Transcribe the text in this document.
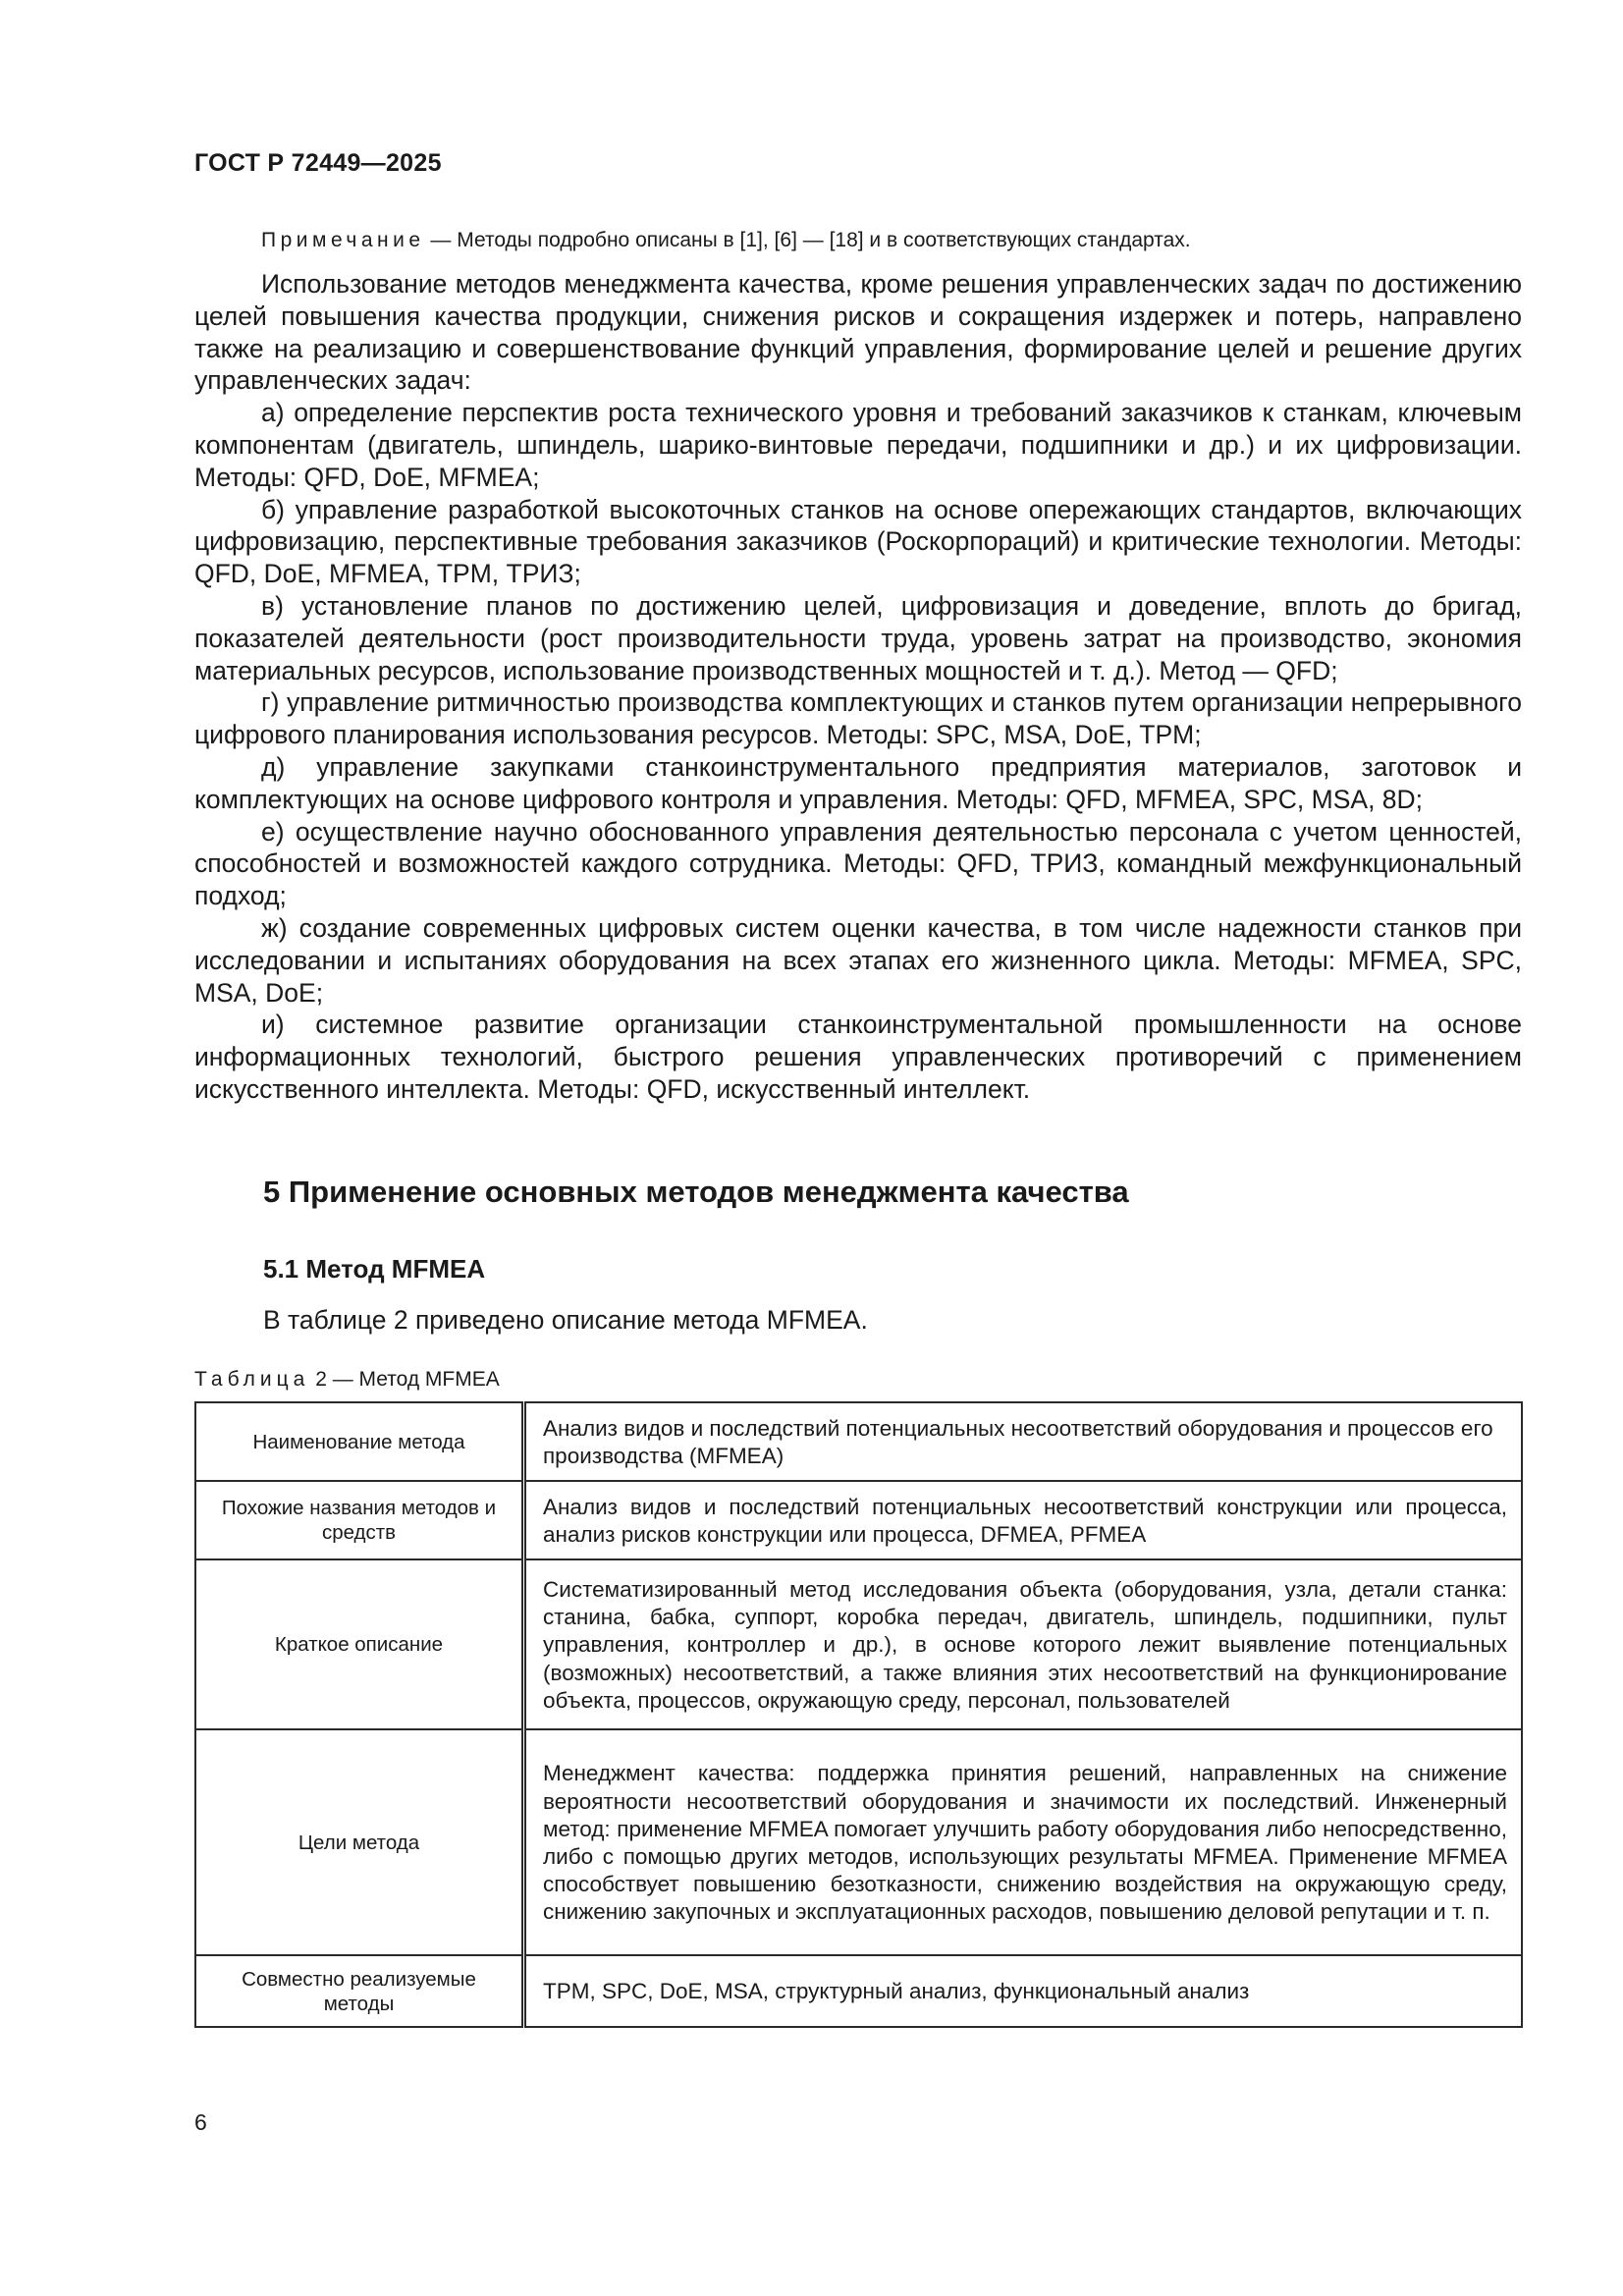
ГОСТ Р 72449—2025
Примечание — Методы подробно описаны в [1], [6] — [18] и в соответствующих стандартах.

Использование методов менеджмента качества, кроме решения управленческих задач по достижению целей повышения качества продукции, снижения рисков и сокращения издержек и потерь, направлено также на реализацию и совершенствование функций управления, формирование целей и решение других управленческих задач:

а) определение перспектив роста технического уровня и требований заказчиков к станкам, ключевым компонентам (двигатель, шпиндель, шарико-винтовые передачи, подшипники и др.) и их цифровизации. Методы: QFD, DoE, MFMEA;

б) управление разработкой высокоточных станков на основе опережающих стандартов, включающих цифровизацию, перспективные требования заказчиков (Роскорпораций) и критические технологии. Методы: QFD, DoE, MFMEA, TPM, ТРИЗ;

в) установление планов по достижению целей, цифровизация и доведение, вплоть до бригад, показателей деятельности (рост производительности труда, уровень затрат на производство, экономия материальных ресурсов, использование производственных мощностей и т. д.). Метод — QFD;

г) управление ритмичностью производства комплектующих и станков путем организации непрерывного цифрового планирования использования ресурсов. Методы: SPC, MSA, DoE, TPM;

д) управление закупками станкоинструментального предприятия материалов, заготовок и комплектующих на основе цифрового контроля и управления. Методы: QFD, MFMEA, SPC, MSA, 8D;

е) осуществление научно обоснованного управления деятельностью персонала с учетом ценностей, способностей и возможностей каждого сотрудника. Методы: QFD, ТРИЗ, командный межфункциональный подход;

ж) создание современных цифровых систем оценки качества, в том числе надежности станков при исследовании и испытаниях оборудования на всех этапах его жизненного цикла. Методы: MFMEA, SPC, MSA, DoE;

и) системное развитие организации станкоинструментальной промышленности на основе информационных технологий, быстрого решения управленческих противоречий с применением искусственного интеллекта. Методы: QFD, искусственный интеллект.

5 Применение основных методов менеджмента качества
5.1 Метод MFMEA
В таблице 2 приведено описание метода MFMEA.
Таблица 2 — Метод MFMEA
Наименование метода	Анализ видов и последствий потенциальных несоответствий оборудования и процессов его производства (MFMEA)
Похожие названия методов и средств	Анализ видов и последствий потенциальных несоответствий конструкции или процесса, анализ рисков конструкции или процесса, DFMEA, PFMEA
Краткое описание	Систематизированный метод исследования объекта (оборудования, узла, детали станка: станина, бабка, суппорт, коробка передач, двигатель, шпиндель, подшипники, пульт управления, контроллер и др.), в основе которого лежит выявление потенциальных (возможных) несоответствий, а также влияния этих несоответствий на функционирование объекта, процессов, окружающую среду, персонал, пользователей
Цели метода	Менеджмент качества: поддержка принятия решений, направленных на снижение вероятности несоответствий оборудования и значимости их последствий. Инженерный метод: применение MFMEA помогает улучшить работу оборудования либо непосредственно, либо с помощью других методов, использующих результаты MFMEA. Применение MFMEA способствует повышению безотказности, снижению воздействия на окружающую среду, снижению закупочных и эксплуатационных расходов, повышению деловой репутации и т. п.
Совместно реализуемые методы	TPM, SPC, DoE, MSA, структурный анализ, функциональный анализ
6
